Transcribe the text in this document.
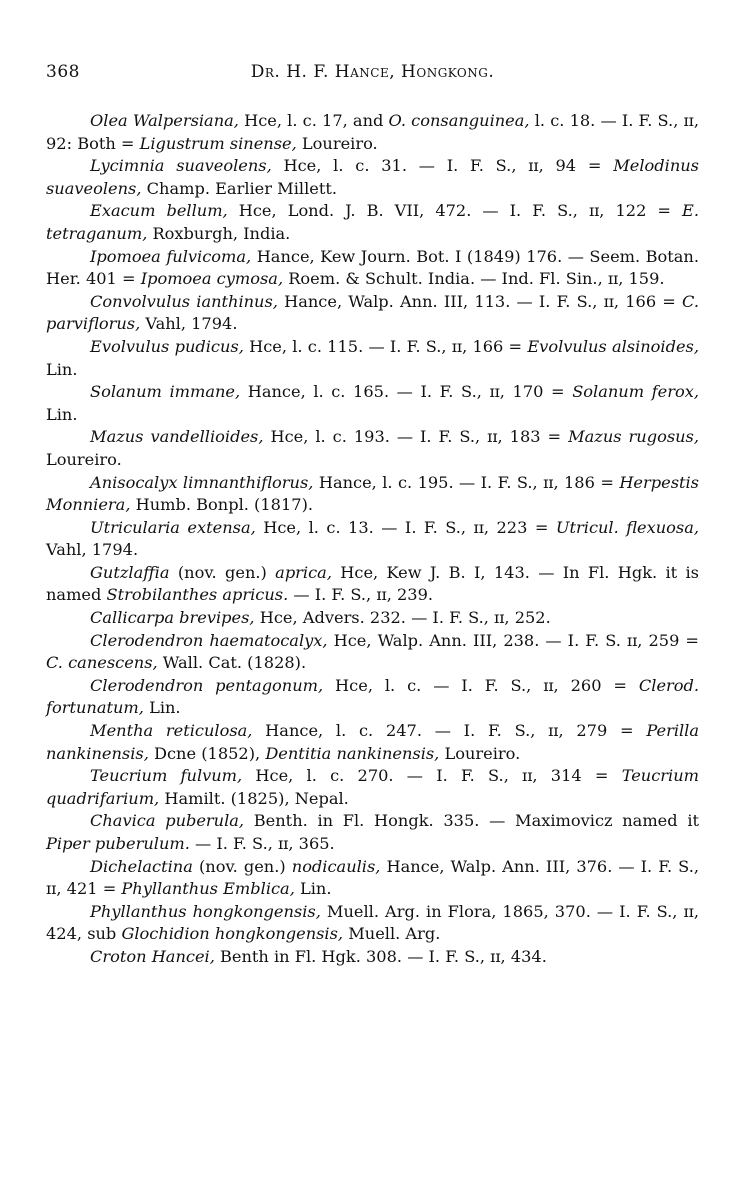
368	Dr. H. F. Hance, Hongkong.

Olea Walpersiana, Hce, l. c. 17, and O. consanguinea, l. c. 18. — I. F. S., ɪɪ, 92: Both = Ligustrum sinense, Loureiro.

Lycimnia suaveolens, Hce, l. c. 31. — I. F. S., ɪɪ, 94 = Melodinus suaveolens, Champ. Earlier Millett.

Exacum bellum, Hce, Lond. J. B. VII, 472. — I. F. S., ɪɪ, 122 = E. tetraganum, Roxburgh, India.

Ipomoea fulvicoma, Hance, Kew Journ. Bot. I (1849) 176. — Seem. Botan. Her. 401 = Ipomoea cymosa, Roem. & Schult. India. — Ind. Fl. Sin., ɪɪ, 159.

Convolvulus ianthinus, Hance, Walp. Ann. III, 113. — I. F. S., ɪɪ, 166 = C. parviflorus, Vahl, 1794.

Evolvulus pudicus, Hce, l. c. 115. — I. F. S., ɪɪ, 166 = Evolvulus alsinoides, Lin.

Solanum immane, Hance, l. c. 165. — I. F. S., ɪɪ, 170 = Solanum ferox, Lin.

Mazus vandellioides, Hce, l. c. 193. — I. F. S., ɪɪ, 183 = Mazus rugosus, Loureiro.

Anisocalyx limnanthiflorus, Hance, l. c. 195. — I. F. S., ɪɪ, 186 = Herpestis Monniera, Humb. Bonpl. (1817).

Utricularia extensa, Hce, l. c. 13. — I. F. S., ɪɪ, 223 = Utricul. flexuosa, Vahl, 1794.

Gutzlaffia (nov. gen.) aprica, Hce, Kew J. B. I, 143. — In Fl. Hgk. it is named Strobilanthes apricus. — I. F. S., ɪɪ, 239.

Callicarpa brevipes, Hce, Advers. 232. — I. F. S., ɪɪ, 252.

Clerodendron haematocalyx, Hce, Walp. Ann. III, 238. — I. F. S. ɪɪ, 259 = C. canescens, Wall. Cat. (1828).

Clerodendron pentagonum, Hce, l. c. — I. F. S., ɪɪ, 260 = Clerod. fortunatum, Lin.

Mentha reticulosa, Hance, l. c. 247. — I. F. S., ɪɪ, 279 = Perilla nankinensis, Dcne (1852), Dentitia nankinensis, Loureiro.

Teucrium fulvum, Hce, l. c. 270. — I. F. S., ɪɪ, 314 = Teucrium quadrifarium, Hamilt. (1825), Nepal.

Chavica puberula, Benth. in Fl. Hongk. 335. — Maximovicz named it Piper puberulum. — I. F. S., ɪɪ, 365.

Dichelactina (nov. gen.) nodicaulis, Hance, Walp. Ann. III, 376. — I. F. S., ɪɪ, 421 = Phyllanthus Emblica, Lin.

Phyllanthus hongkongensis, Muell. Arg. in Flora, 1865, 370. — I. F. S., ɪɪ, 424, sub Glochidion hongkongensis, Muell. Arg.

Croton Hancei, Benth in Fl. Hgk. 308. — I. F. S., ɪɪ, 434.
